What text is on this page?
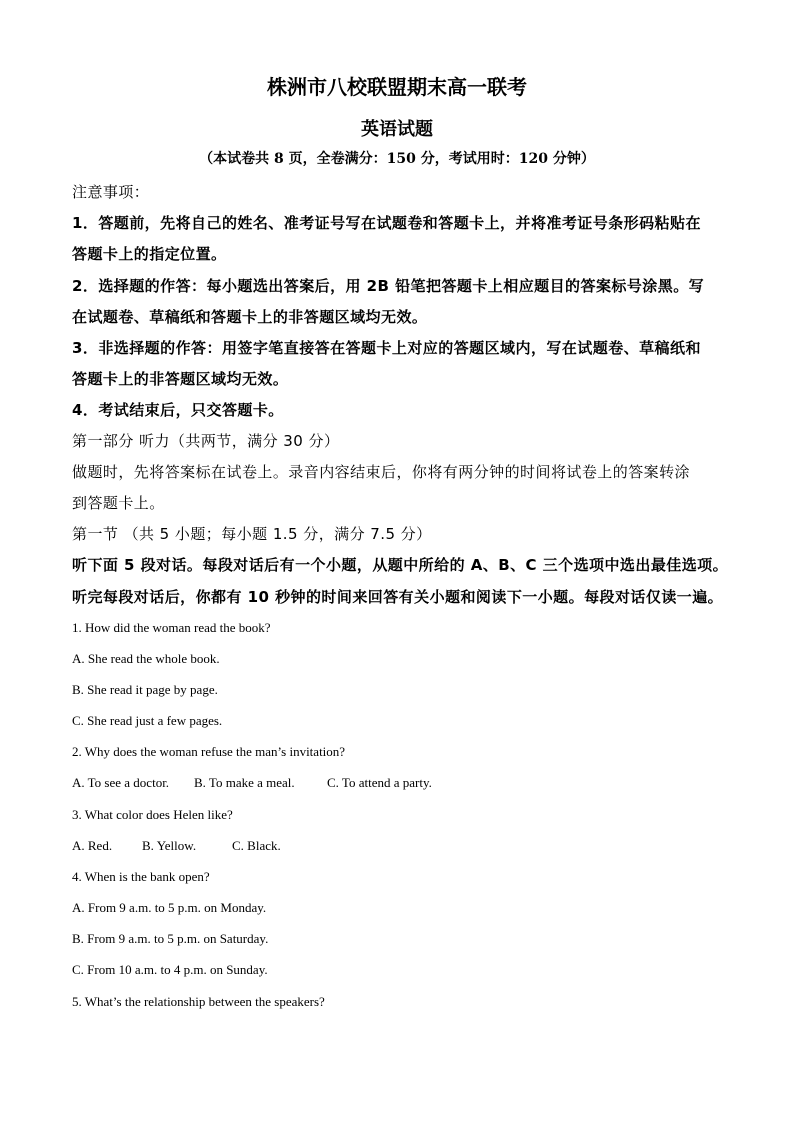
株洲市八校联盟期末高一联考
英语试题
（本试卷共 8 页，全卷满分：150 分，考试用时：120 分钟）
注意事项：
1．答题前，先将自己的姓名、准考证号写在试题卷和答题卡上，并将准考证号条形码粘贴在
答题卡上的指定位置。
2．选择题的作答：每小题选出答案后，用 2B 铅笔把答题卡上相应题目的答案标号涂黑。写
在试题卷、草稿纸和答题卡上的非答题区域均无效。
3．非选择题的作答：用签字笔直接答在答题卡上对应的答题区域内，写在试题卷、草稿纸和
答题卡上的非答题区域均无效。
4．考试结束后，只交答题卡。
第一部分 听力（共两节，满分 30 分）
做题时，先将答案标在试卷上。录音内容结束后，你将有两分钟的时间将试卷上的答案转涂
到答题卡上。
第一节 （共 5 小题；每小题 1.5 分，满分 7.5 分）
听下面 5 段对话。每段对话后有一个小题，从题中所给的 A、B、C 三个选项中选出最佳选项。
听完每段对话后，你都有 10 秒钟的时间来回答有关小题和阅读下一小题。每段对话仅读一遍。
1. How did the woman read the book?
A. She read the whole book.
B. She read it page by page.
C. She read just a few pages.
2. Why does the woman refuse the man’s invitation?
A. To see a doctor. B. To make a meal. C. To attend a party.
3. What color does Helen like?
A. Red. B. Yellow.	C. Black.
4. When is the bank open?
A. From 9 a.m. to 5 p.m. on Monday.
B. From 9 a.m. to 5 p.m. on Saturday.
C. From 10 a.m. to 4 p.m. on Sunday.
5. What’s the relationship between the speakers?
